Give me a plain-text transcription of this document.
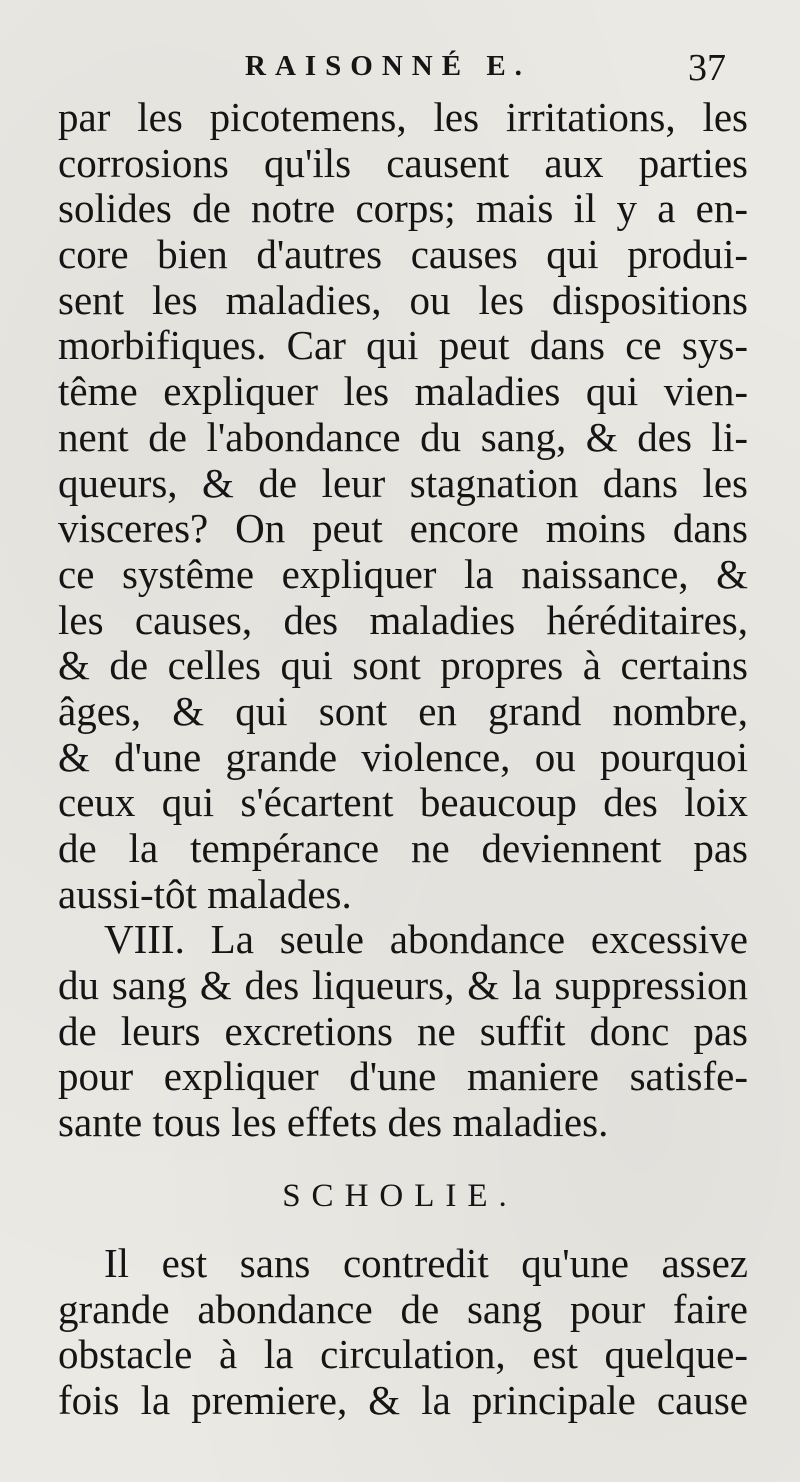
RAISONNÉ E.	37
par les picotemens, les irritations, les
corrosions qu'ils causent aux parties
solides de notre corps; mais il y a en-
core bien d'autres causes qui produi-
sent les maladies, ou les dispositions
morbifiques. Car qui peut dans ce sys-
tême expliquer les maladies qui vien-
nent de l'abondance du sang, & des li-
queurs, & de leur stagnation dans les
visceres? On peut encore moins dans
ce systême expliquer la naissance, &
les causes, des maladies héréditaires,
& de celles qui sont propres à certains
âges, & qui sont en grand nombre,
& d'une grande violence, ou pourquoi
ceux qui s'écartent beaucoup des loix
de la tempérance ne deviennent pas
aussi-tôt malades.
VIII. La seule abondance excessive
du sang & des liqueurs, & la suppression
de leurs excretions ne suffit donc pas
pour expliquer d'une maniere satisfe-
sante tous les effets des maladies.
SCHOLIE.
Il est sans contredit qu'une assez
grande abondance de sang pour faire
obstacle à la circulation, est quelque-
fois la premiere, & la principale cause
